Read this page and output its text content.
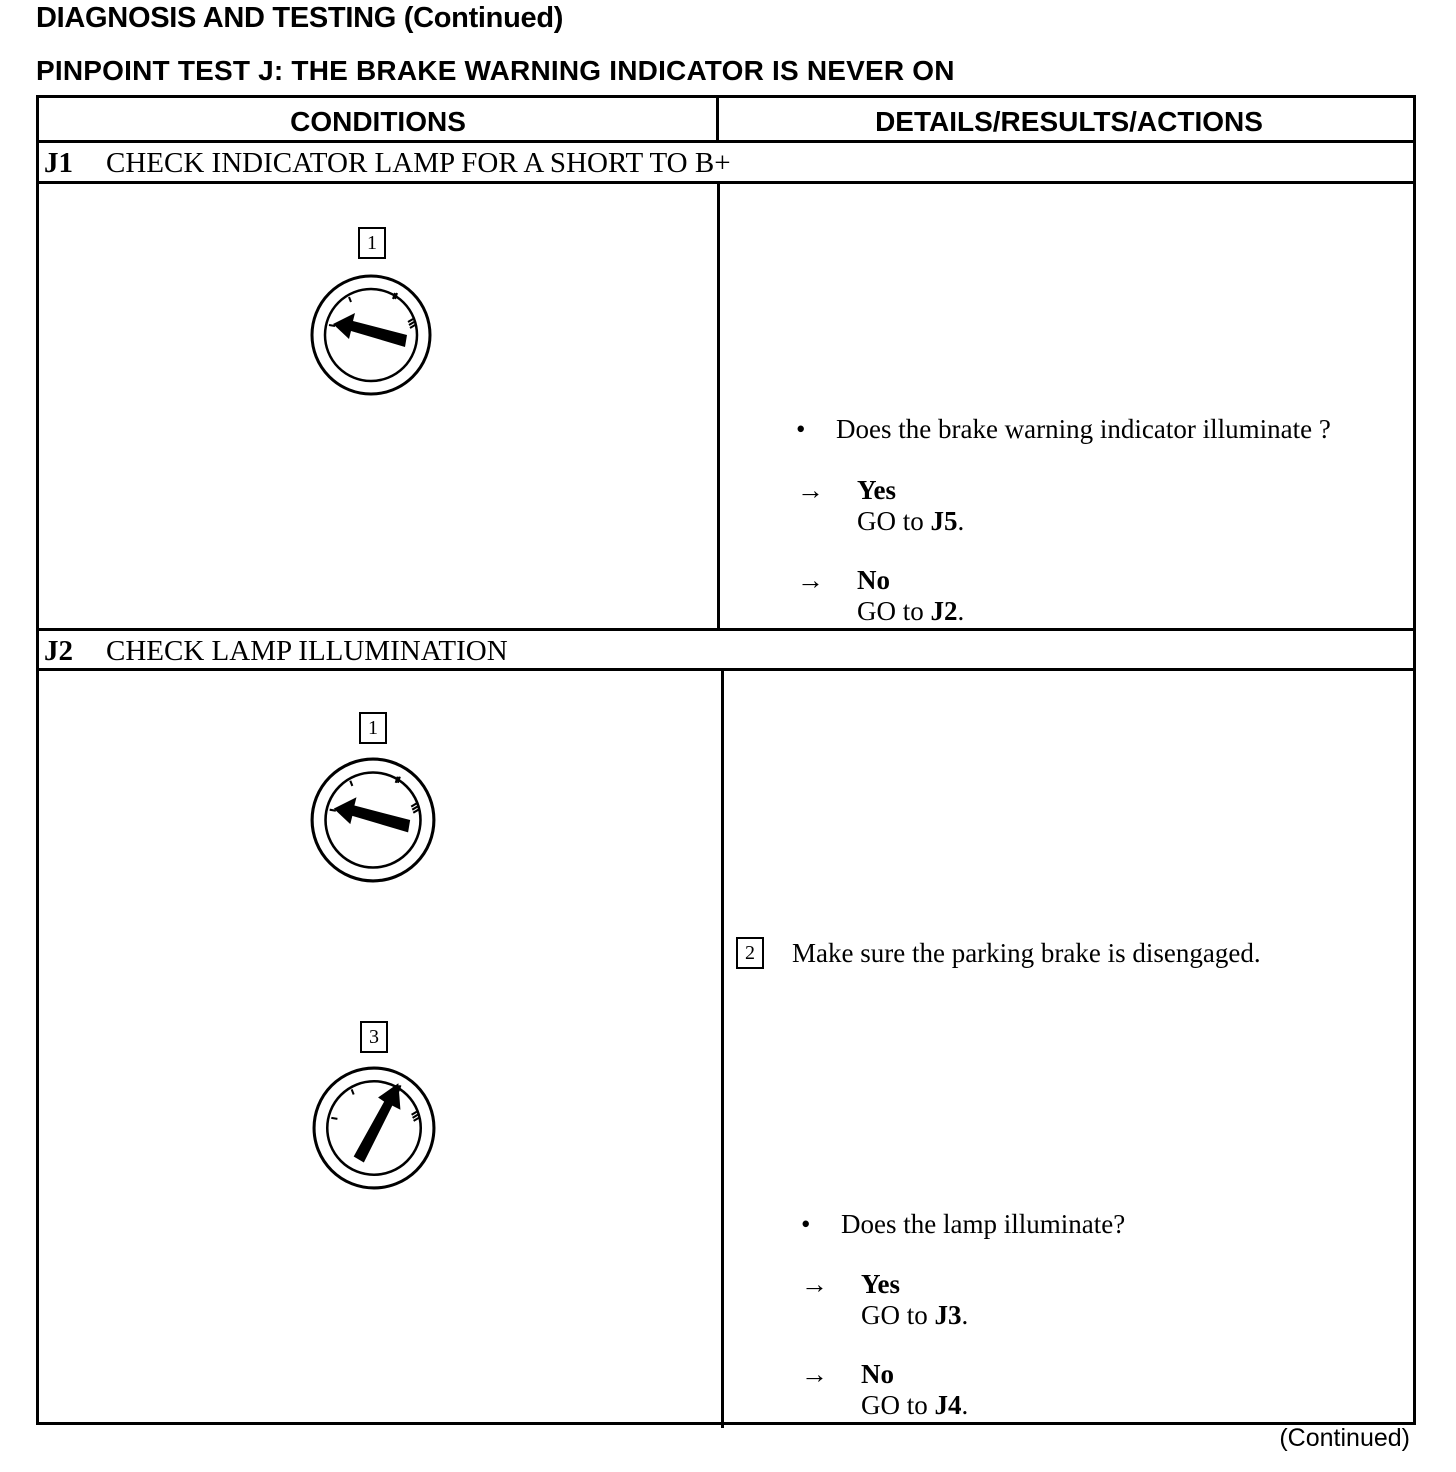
DIAGNOSIS AND TESTING (Continued)
PINPOINT TEST J: THE BRAKE WARNING INDICATOR IS NEVER ON
CONDITIONS	DETAILS/RESULTS/ACTIONS
J1 CHECK INDICATOR LAMP FOR A SHORT TO B+
1
• Does the brake warning indicator illuminate ?
→ Yes
GO to J5.
→ No
GO to J2.
J2 CHECK LAMP ILLUMINATION
1
3
2	Make sure the parking brake is disengaged.
• Does the lamp illuminate?
→ Yes
GO to J3.
→ No
GO to J4.
(Continued)
